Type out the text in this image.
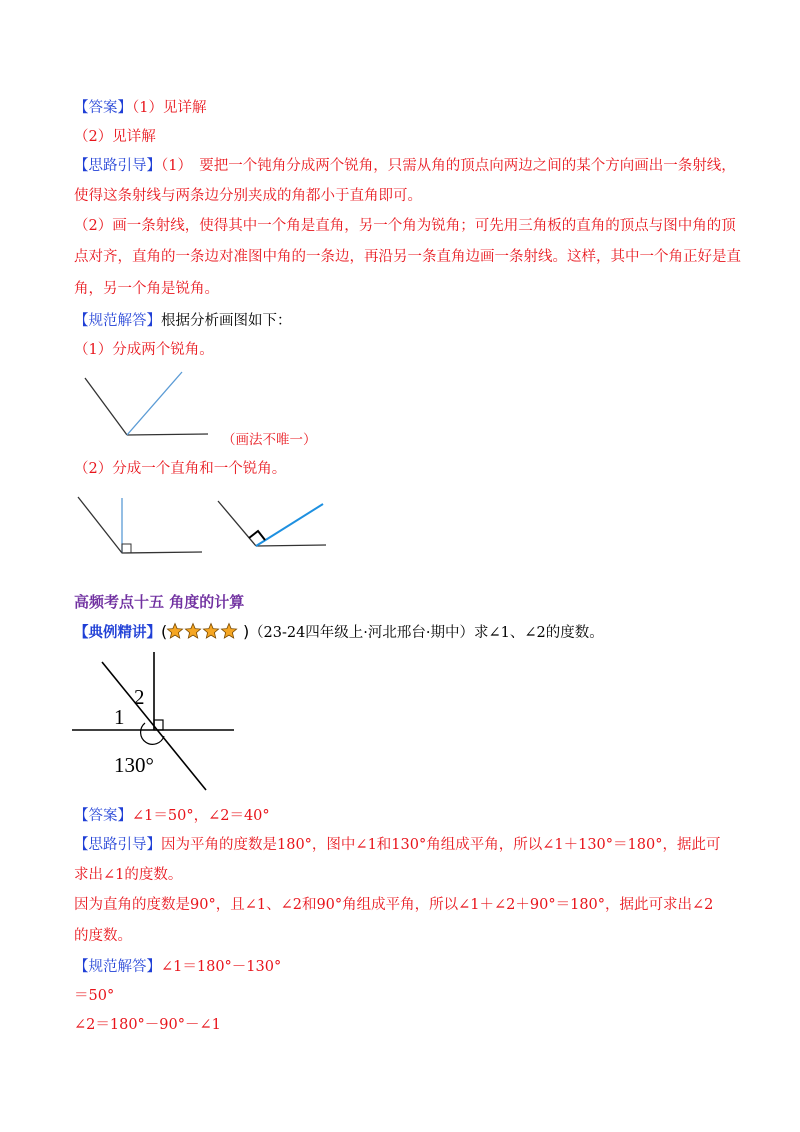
【答案】（1）见详解
（2）见详解
【思路引导】（1）　要把一个钝角分成两个锐角，只需从角的顶点向两边之间的某个方向画出一条射线，
使得这条射线与两条边分别夹成的角都小于直角即可。
（2）画一条射线，使得其中一个角是直角，另一个角为锐角；可先用三角板的直角的顶点与图中角的顶
点对齐，直角的一条边对准图中角的一条边，再沿另一条直角边画一条射线。这样，其中一个角正好是直
角，另一个角是锐角。
【规范解答】根据分析画图如下：
（1）分成两个锐角。
（画法不唯一）
（2）分成一个直角和一个锐角。
高频考点十五 角度的计算
【典例精讲】 (	) （23-24四年级上·河北邢台·期中）求∠1、∠2的度数。
2
1
130°
【答案】∠1＝50°，∠2＝40°
【思路引导】因为平角的度数是180°，图中∠1和130°角组成平角，所以∠1＋130°＝180°，据此可
求出∠1的度数。
因为直角的度数是90°，且∠1、∠2和90°角组成平角，所以∠1＋∠2＋90°＝180°，据此可求出∠2
的度数。
【规范解答】∠1＝180°－130°
＝50°
∠2＝180°－90°－∠1
